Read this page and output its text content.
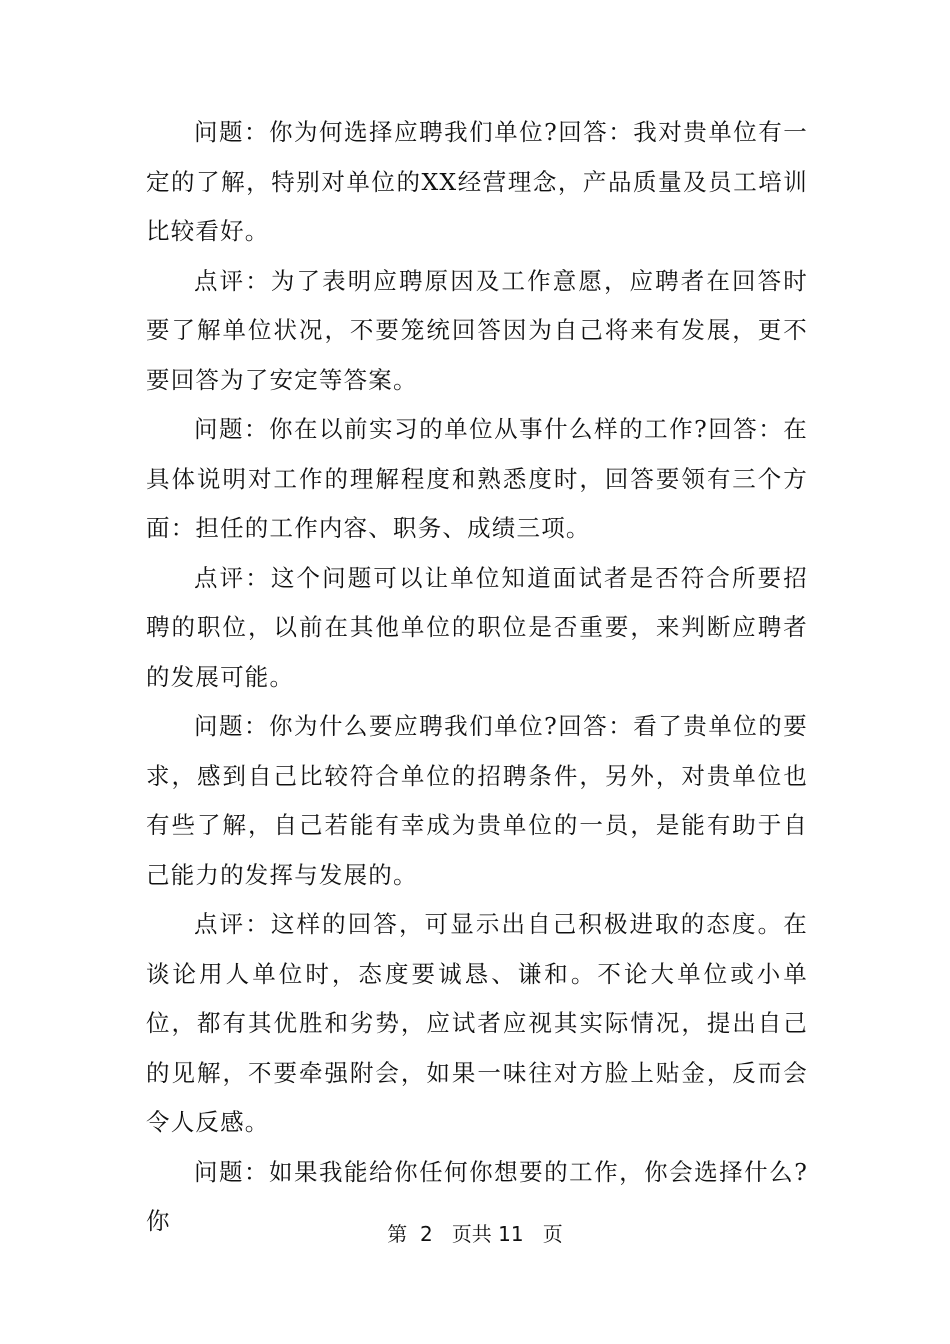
问题：你为何选择应聘我们单位?回答：我对贵单位有一定的了解，特别对单位的XX经营理念，产品质量及员工培训比较看好。

点评：为了表明应聘原因及工作意愿，应聘者在回答时要了解单位状况，不要笼统回答因为自己将来有发展，更不要回答为了安定等答案。

问题：你在以前实习的单位从事什么样的工作?回答：在具体说明对工作的理解程度和熟悉度时，回答要领有三个方面：担任的工作内容、职务、成绩三项。

点评：这个问题可以让单位知道面试者是否符合所要招聘的职位，以前在其他单位的职位是否重要，来判断应聘者的发展可能。

问题：你为什么要应聘我们单位?回答：看了贵单位的要求，感到自己比较符合单位的招聘条件，另外，对贵单位也有些了解，自己若能有幸成为贵单位的一员，是能有助于自己能力的发挥与发展的。

点评：这样的回答，可显示出自己积极进取的态度。在谈论用人单位时，态度要诚恳、谦和。不论大单位或小单位，都有其优胜和劣势，应试者应视其实际情况，提出自己的见解，不要牵强附会，如果一味往对方脸上贴金，反而会令人反感。

问题：如果我能给你任何你想要的工作，你会选择什么?你	第 2 页共 11 页
